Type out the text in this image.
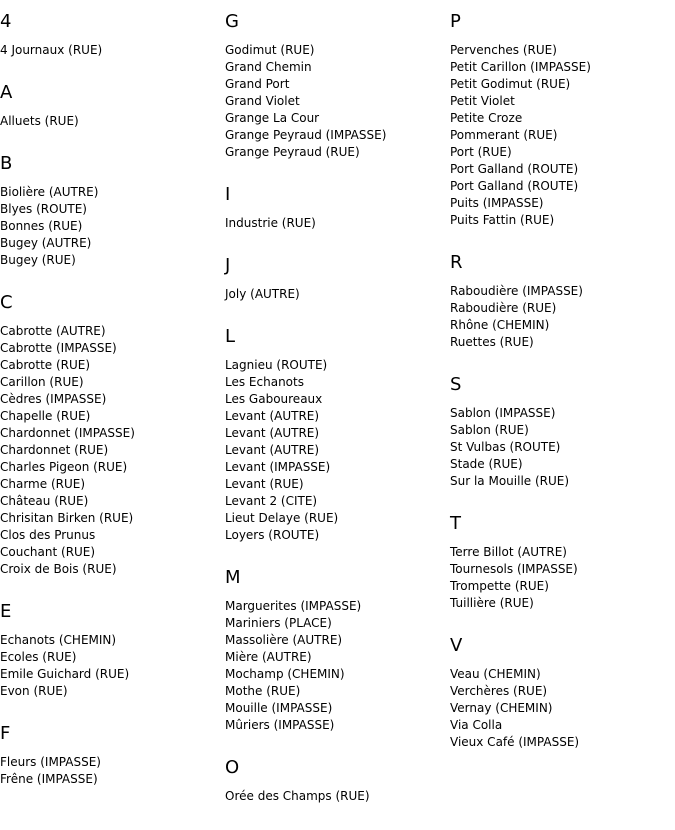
4
4 Journaux (RUE)
A
Alluets (RUE)
B
Biolière (AUTRE)
Blyes (ROUTE)
Bonnes (RUE)
Bugey (AUTRE)
Bugey (RUE)
C
Cabrotte (AUTRE)
Cabrotte (IMPASSE)
Cabrotte (RUE)
Carillon (RUE)
Cèdres (IMPASSE)
Chapelle (RUE)
Chardonnet (IMPASSE)
Chardonnet (RUE)
Charles Pigeon (RUE)
Charme (RUE)
Château (RUE)
Chrisitan Birken (RUE)
Clos des Prunus
Couchant (RUE)
Croix de Bois (RUE)
E
Echanots (CHEMIN)
Ecoles (RUE)
Emile Guichard (RUE)
Evon (RUE)
F
Fleurs (IMPASSE)
Frêne (IMPASSE)
G
Godimut (RUE)
Grand Chemin
Grand Port
Grand Violet
Grange La Cour
Grange Peyraud (IMPASSE)
Grange Peyraud (RUE)
I
Industrie (RUE)
J
Joly (AUTRE)
L
Lagnieu (ROUTE)
Les Echanots
Les Gaboureaux
Levant (AUTRE)
Levant (AUTRE)
Levant (AUTRE)
Levant (IMPASSE)
Levant (RUE)
Levant 2 (CITE)
Lieut Delaye (RUE)
Loyers (ROUTE)
M
Marguerites (IMPASSE)
Mariniers (PLACE)
Massolière (AUTRE)
Mière (AUTRE)
Mochamp (CHEMIN)
Mothe (RUE)
Mouille (IMPASSE)
Mûriers (IMPASSE)
O
Orée des Champs (RUE)
P
Pervenches (RUE)
Petit Carillon (IMPASSE)
Petit Godimut (RUE)
Petit Violet
Petite Croze
Pommerant (RUE)
Port (RUE)
Port Galland (ROUTE)
Port Galland (ROUTE)
Puits (IMPASSE)
Puits Fattin (RUE)
R
Raboudière (IMPASSE)
Raboudière (RUE)
Rhône (CHEMIN)
Ruettes (RUE)
S
Sablon (IMPASSE)
Sablon (RUE)
St Vulbas (ROUTE)
Stade (RUE)
Sur la Mouille (RUE)
T
Terre Billot (AUTRE)
Tournesols (IMPASSE)
Trompette (RUE)
Tuillière (RUE)
V
Veau (CHEMIN)
Verchères (RUE)
Vernay (CHEMIN)
Via Colla
Vieux Café (IMPASSE)
